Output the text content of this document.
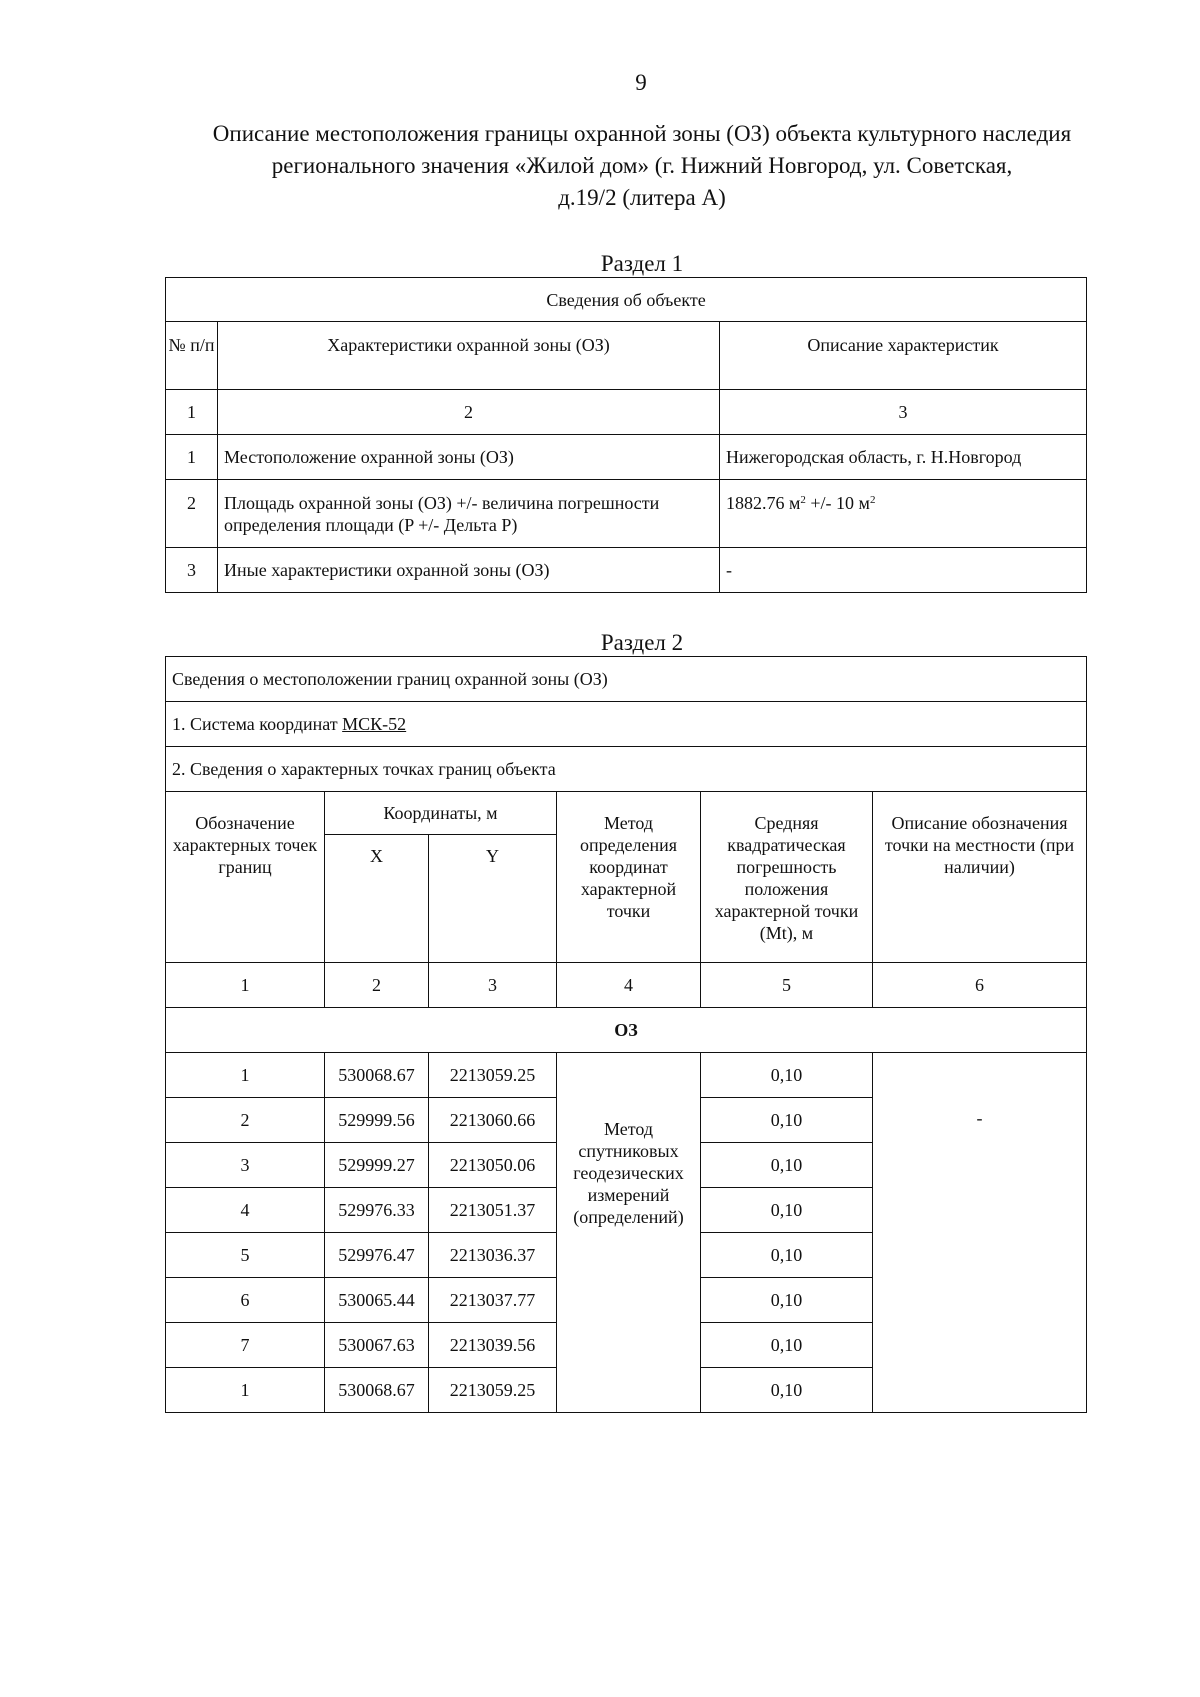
9
Описание местоположения границы охранной зоны (ОЗ) объекта культурного наследия
регионального значения «Жилой дом» (г. Нижний Новгород, ул. Советская,
д.19/2 (литера А)
Раздел 1
Сведения об объекте		
№ п/п	Характеристики охранной зоны (ОЗ)	Описание характеристик
1	2	3
1	Местоположение охранной зоны (ОЗ)	Нижегородская область, г. Н.Новгород
2	Площадь охранной зоны (ОЗ) +/- величина погрешности определения площади (P +/- Дельта P)	1882.76 $м^2$ +/- 10 $м^2$
3	Иные характеристики охранной зоны (ОЗ)	-
Раздел 2
Сведения о местоположении границ охранной зоны (ОЗ)					
1. Система координат МСК-52					
2. Сведения о характерных точках границ объекта					
Обозначение характерных точек границ	Координаты, м		Метод определения координат характерной точки	Средняя квадратическая погрешность положения характерной точки (Mt), м	Описание обозначения точки на местности (при наличии)
	X	Y			
1	2	3	4	5	6
ОЗ					
1	530068.67	2213059.25	Метод спутниковых геодезических измерений (определений)	0,10	-
2	529999.56	2213060.66		0,10	
3	529999.27	2213050.06		0,10	
4	529976.33	2213051.37		0,10	
5	529976.47	2213036.37		0,10	
6	530065.44	2213037.77		0,10	
7	530067.63	2213039.56		0,10	
1	530068.67	2213059.25		0,10	
